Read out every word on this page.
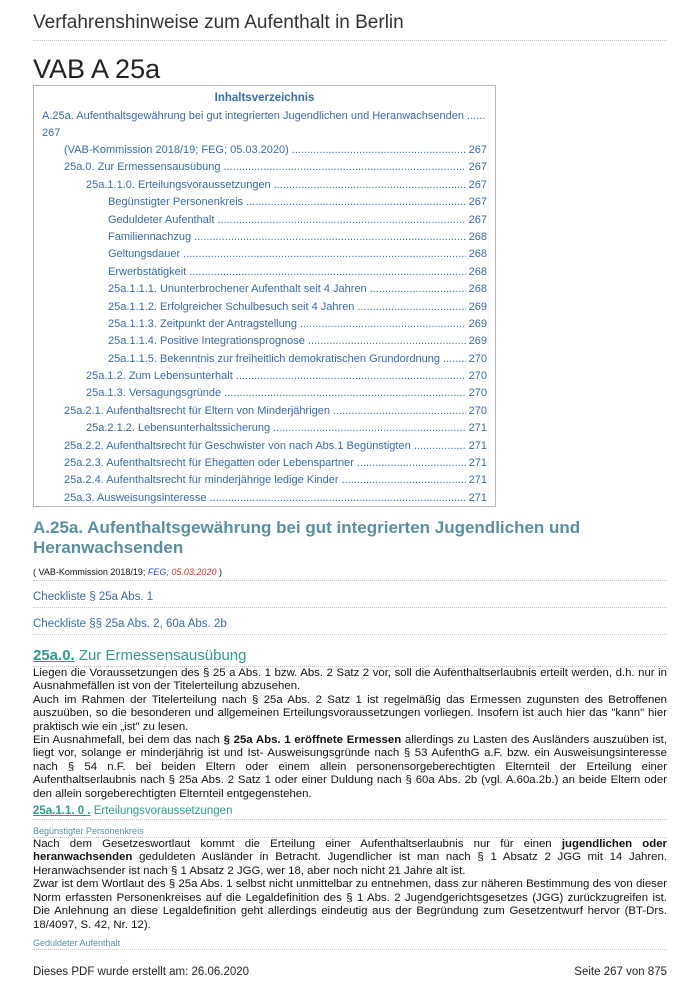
Verfahrenshinweise zum Aufenthalt in Berlin
VAB A 25a
Inhaltsverzeichnis
A.25a. Aufenthaltsgewährung bei gut integrierten Jugendlichen und Heranwachsenden ......
267
(VAB-Kommission 2018/19; FEG; 05.03.2020) .....	267
25a.0. Zur Ermessensausübung .....	267
25a.1.1.0. Erteilungsvoraussetzungen .....	267
Begünstigter Personenkreis .....	267
Geduldeter Aufenthalt .....	267
Familiennachzug .....	268
Geltungsdauer .....	268
Erwerbstätigkeit .....	268
25a.1.1.1. Ununterbrochener Aufenthalt seit 4 Jahren .....	268
25a.1.1.2. Erfolgreicher Schulbesuch seit 4 Jahren .....	269
25a.1.1.3. Zeitpunkt der Antragstellung .....	269
25a.1.1.4. Positive Integrationsprognose .....	269
25a.1.1.5. Bekenntnis zur freiheitlich demokratischen Grundordnung .....	270
25a.1.2. Zum Lebensunterhalt .....	270
25a.1.3. Versagungsgründe .....	270
25a.2.1. Aufenthaltsrecht für Eltern von Minderjährigen .....	270
25a.2.1.2. Lebensunterhaltssicherung .....	271
25a.2.2. Aufenthaltsrecht für Geschwister von nach Abs.1 Begünstigten .....	271
25a.2.3. Aufenthaltsrecht für Ehegatten oder Lebenspartner .....	271
25a.2.4. Aufenthaltsrecht für minderjährige ledige Kinder .....	271
25a.3. Ausweisungsinteresse .....	271
A.25a. Aufenthaltsgewährung bei gut integrierten Jugendlichen und Heranwachsenden
( VAB-Kommission 2018/19; FEG; 05.03.2020 )
Checkliste § 25a Abs. 1
Checkliste §§ 25a Abs. 2, 60a Abs. 2b
25a.0. Zur Ermessensausübung

Liegen die Voraussetzungen des § 25 a Abs. 1 bzw. Abs. 2 Satz 2 vor, soll die Aufenthaltserlaubnis erteilt werden, d.h. nur in Ausnahmefällen ist von der Titelerteilung abzusehen.

Auch im Rahmen der Titelerteilung nach § 25a Abs. 2 Satz 1 ist regelmäßig das Ermessen zugunsten des Betroffenen auszuüben, so die besonderen und allgemeinen Erteilungsvoraussetzungen vorliegen. Insofern ist auch hier das "kann" hier praktisch wie ein „ist" zu lesen.

Ein Ausnahmefall, bei dem das nach § 25a Abs. 1 eröffnete Ermessen allerdings zu Lasten des Ausländers auszuüben ist, liegt vor, solange er minderjährig ist und Ist- Ausweisungsgründe nach § 53 AufenthG a.F. bzw. ein Ausweisungsinteresse nach § 54 n.F. bei beiden Eltern oder einem allein personensorgeberechtigten Elternteil der Erteilung einer Aufenthaltserlaubnis nach § 25a Abs. 2 Satz 1 oder einer Duldung nach § 60a Abs. 2b (vgl. A.60a.2b.) an beide Eltern oder den allein sorgeberechtigten Elternteil entgegenstehen.

25a.1.1. 0 . Erteilungsvoraussetzungen
Begünstigter Personenkreis

Nach dem Gesetzeswortlaut kommt die Erteilung einer Aufenthaltserlaubnis nur für einen jugendlichen oder heranwachsenden geduldeten Ausländer in Betracht. Jugendlicher ist man nach § 1 Absatz 2 JGG mit 14 Jahren. Heranwachsender ist nach § 1 Absatz 2 JGG, wer 18, aber noch nicht 21 Jahre alt ist.

Zwar ist dem Wortlaut des § 25a Abs. 1 selbst nicht unmittelbar zu entnehmen, dass zur näheren Bestimmung des von dieser Norm erfassten Personenkreises auf die Legaldefinition des § 1 Abs. 2 Jugendgerichtsgesetzes (JGG) zurückzugreifen ist. Die Anlehnung an diese Legaldefinition geht allerdings eindeutig aus der Begründung zum Gesetzentwurf hervor (BT-Drs. 18/4097, S. 42, Nr. 12).

Geduldeter Aufenthalt
Dieses PDF wurde erstellt am: 26.06.2020	Seite 267 von 875
